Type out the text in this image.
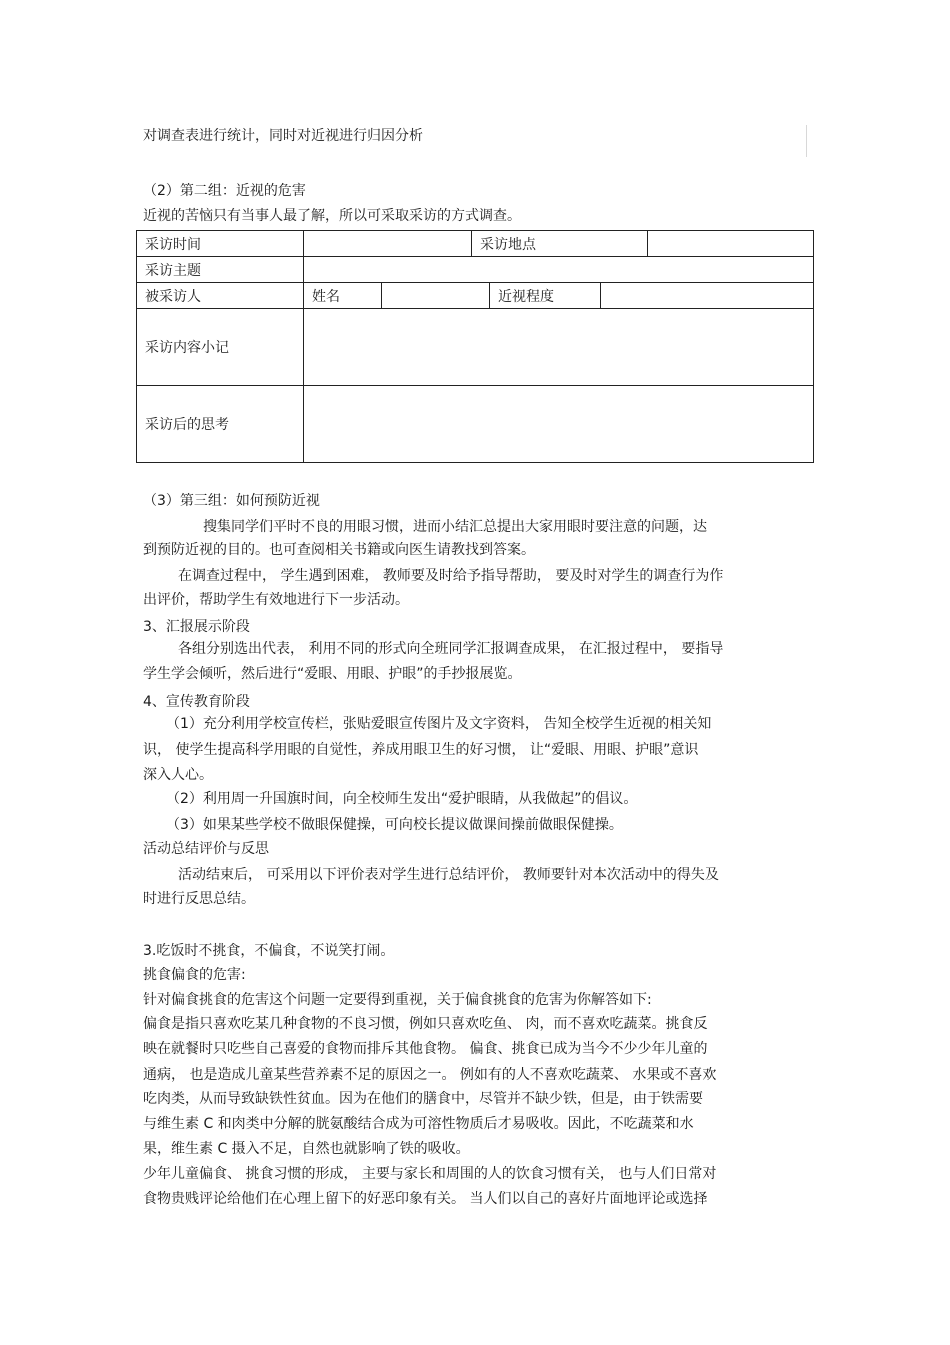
对调查表进行统计，同时对近视进行归因分析
（2）第二组：近视的危害
近视的苦恼只有当事人最了解，所以可采取采访的方式调查。
采访时间	采访地点
采访主题
被采访人	姓名	近视程度
采访内容小记
采访后的思考
（3）第三组：如何预防近视
搜集同学们平时不良的用眼习惯，进而小结汇总提出大家用眼时要注意的问题，达
到预防近视的目的。也可查阅相关书籍或向医生请教找到答案。
在调查过程中， 学生遇到困难， 教师要及时给予指导帮助， 要及时对学生的调查行为作
出评价，帮助学生有效地进行下一步活动。
3、汇报展示阶段
各组分别选出代表， 利用不同的形式向全班同学汇报调查成果， 在汇报过程中， 要指导
学生学会倾听，然后进行“爱眼、用眼、护眼”的手抄报展览。
4、宣传教育阶段
（1）充分利用学校宣传栏，张贴爱眼宣传图片及文字资料， 告知全校学生近视的相关知
识， 使学生提高科学用眼的自觉性，养成用眼卫生的好习惯， 让“爱眼、用眼、护眼”意识
深入人心。
（2）利用周一升国旗时间，向全校师生发出“爱护眼睛，从我做起”的倡议。
（3）如果某些学校不做眼保健操，可向校长提议做课间操前做眼保健操。
活动总结评价与反思
活动结束后， 可采用以下评价表对学生进行总结评价， 教师要针对本次活动中的得失及
时进行反思总结。
3.吃饭时不挑食，不偏食，不说笑打闹。
挑食偏食的危害:
针对偏食挑食的危害这个问题一定要得到重视，关于偏食挑食的危害为你解答如下:
偏食是指只喜欢吃某几种食物的不良习惯，例如只喜欢吃鱼、 肉，而不喜欢吃蔬菜。挑食反
映在就餐时只吃些自己喜爱的食物而排斥其他食物。 偏食、挑食已成为当今不少少年儿童的
通病， 也是造成儿童某些营养素不足的原因之一。 例如有的人不喜欢吃蔬菜、 水果或不喜欢
吃肉类，从而导致缺铁性贫血。因为在他们的膳食中，尽管并不缺少铁，但是，由于铁需要
与维生素 C 和肉类中分解的胱氨酸结合成为可溶性物质后才易吸收。因此，不吃蔬菜和水
果，维生素 C 摄入不足，自然也就影响了铁的吸收。
少年儿童偏食、 挑食习惯的形成， 主要与家长和周围的人的饮食习惯有关， 也与人们日常对
食物贵贱评论给他们在心理上留下的好恶印象有关。 当人们以自己的喜好片面地评论或选择
